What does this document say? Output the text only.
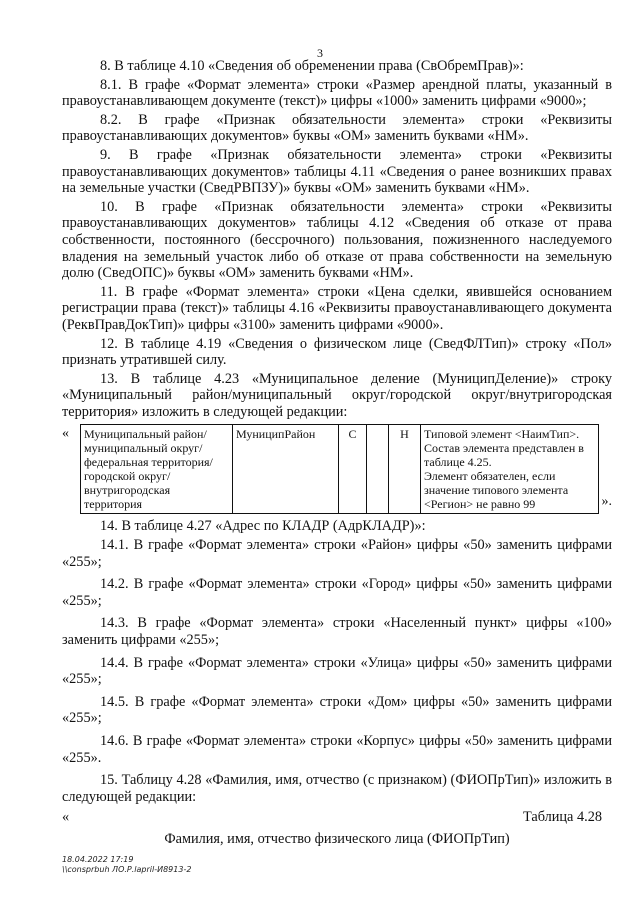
3

8. В таблице 4.10 «Сведения об обременении права (СвОбремПрав)»:

8.1. В графе «Формат элемента» строки «Размер арендной платы, указанный в правоустанавливающем документе (текст)» цифры «1000» заменить цифрами «9000»;

8.2. В графе «Признак обязательности элемента» строки «Реквизиты правоустанавливающих документов» буквы «ОМ» заменить буквами «НМ».

9. В графе «Признак обязательности элемента» строки «Реквизиты правоустанавливающих документов» таблицы 4.11 «Сведения о ранее возникших правах на земельные участки (СведРВПЗУ)» буквы «ОМ» заменить буквами «НМ».

10. В графе «Признак обязательности элемента» строки «Реквизиты правоустанавливающих документов» таблицы 4.12 «Сведения об отказе от права собственности, постоянного (бессрочного) пользования, пожизненного наследуемого владения на земельный участок либо об отказе от права собственности на земельную долю (СведОПС)» буквы «ОМ» заменить буквами «НМ».

11. В графе «Формат элемента» строки «Цена сделки, явившейся основанием регистрации права (текст)» таблицы 4.16 «Реквизиты правоустанавливающего документа (РеквПравДокТип)» цифры «3100» заменить цифрами «9000».

12. В таблице 4.19 «Сведения о физическом лице (СведФЛТип)» строку «Пол» признать утратившей силу.

13. В таблице 4.23 «Муниципальное деление (МуниципДеление)» строку «Муниципальный район/муниципальный округ/городской округ/внутригородская территория» изложить в следующей редакции:

« Муниципальный район/муниципальный округ/федеральная территория/городской округ/внутригородская территория	МуниципРайон	С		Н	Типовой элемент <НаимТип>.
Состав элемента представлен в таблице 4.25.
Элемент обязателен, если значение типового элемента <Регион> не равно 99	».

14. В таблице 4.27 «Адрес по КЛАДР (АдрКЛАДР)»:

14.1. В графе «Формат элемента» строки «Район» цифры «50» заменить цифрами «255»;

14.2. В графе «Формат элемента» строки «Город» цифры «50» заменить цифрами «255»;

14.3. В графе «Формат элемента» строки «Населенный пункт» цифры «100» заменить цифрами «255»;

14.4. В графе «Формат элемента» строки «Улица» цифры «50» заменить цифрами «255»;

14.5. В графе «Формат элемента» строки «Дом» цифры «50» заменить цифрами «255»;

14.6. В графе «Формат элемента» строки «Корпус» цифры «50» заменить цифрами «255».

15. Таблицу 4.28 «Фамилия, имя, отчество (с признаком) (ФИОПрТип)» изложить в следующей редакции:

«	Таблица 4.28
Фамилия, имя, отчество физического лица (ФИОПрТип)
18.04.2022 17:19
\\consprbuh ЛО.Р.lapril-И8913-2
